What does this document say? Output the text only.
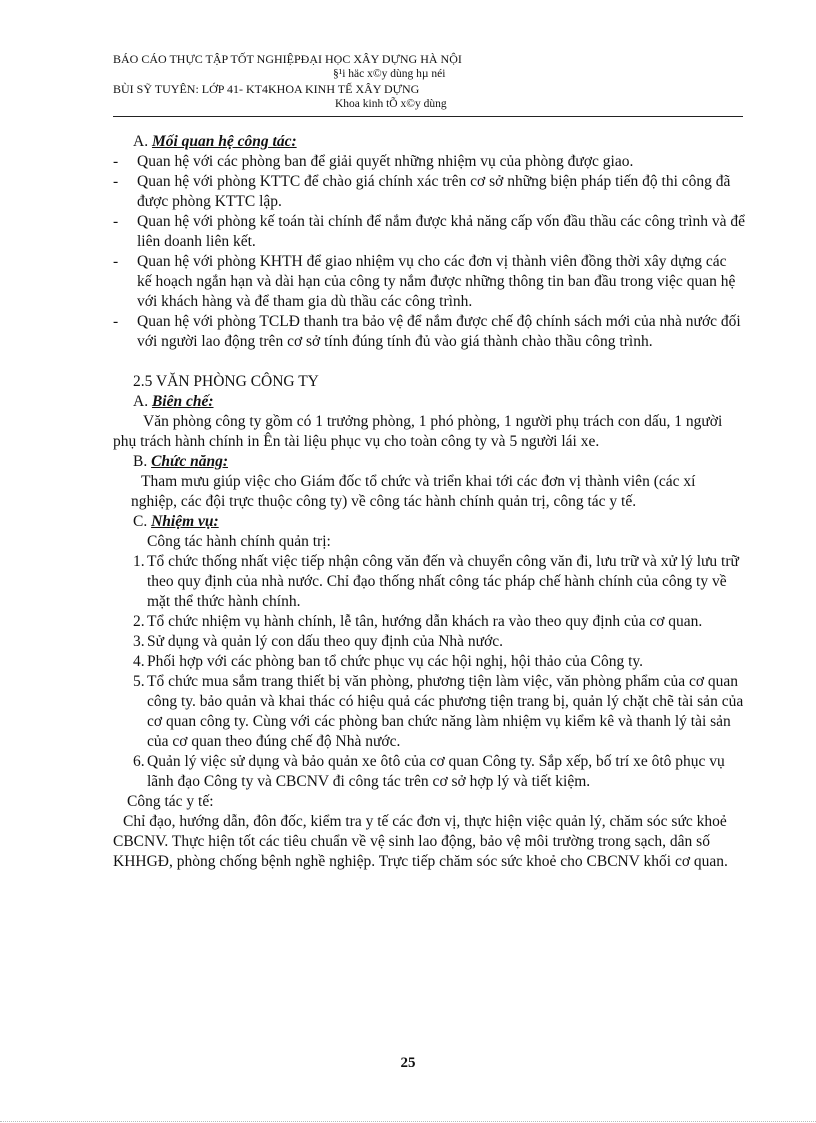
BÁO CÁO THỰC TẬP TỐT NGHIỆPĐẠI HỌC XÂY DỰNG HÀ NỘI
§¹i häc x©y dùng hµ néi
BÙI SỸ TUYÊN: LỚP 41- KT4KHOA KINH TẾ XÂY DỰNG
Khoa kinh tÕ x©y dùng

A. Mối quan hệ công tác:

- Quan hệ với các phòng ban để giải quyết những nhiệm vụ của phòng được giao.
- Quan hệ với phòng KTTC để chào giá chính xác trên cơ sở những biện pháp tiến độ thi công đã được phòng KTTC lập.
- Quan hệ với phòng kế toán tài chính để nắm được khả năng cấp vốn đầu thầu các công trình và để liên doanh liên kết.
- Quan hệ với phòng KHTH để giao nhiệm vụ cho các đơn vị thành viên đồng thời xây dựng các kế hoạch ngắn hạn và dài hạn của công ty nắm được những thông tin ban đầu trong việc quan hệ với khách hàng và để tham gia dù thầu các công trình.
- Quan hệ với phòng TCLĐ thanh tra bảo vệ để nắm được chế độ chính sách mới của nhà nước đối với người lao động trên cơ sở tính đúng tính đủ vào giá thành chào thầu công trình.

2.5 VĂN PHÒNG CÔNG TY

A. Biên chế:

Văn phòng công ty gồm có 1 trưởng phòng, 1 phó phòng, 1 người phụ trách con dấu, 1 người phụ trách hành chính in Ên tài liệu phục vụ cho toàn công ty và 5 người lái xe.

B. Chức năng:

Tham mưu giúp việc cho Giám đốc tổ chức và triển khai tới các đơn vị thành viên (các xí nghiệp, các đội trực thuộc công ty) về công tác hành chính quản trị, công tác y tế.

C. Nhiệm vụ:

Công tác hành chính quản trị:

1. Tổ chức thống nhất việc tiếp nhận công văn đến và chuyển công văn đi, lưu trữ và xử lý lưu trữ theo quy định của nhà nước. Chỉ đạo thống nhất công tác pháp chế hành chính của công ty về mặt thể thức hành chính.
2. Tổ chức nhiệm vụ hành chính, lễ tân, hướng dẫn khách ra vào theo quy định của cơ quan.
3. Sử dụng và quản lý con dấu theo quy định của Nhà nước.
4. Phối hợp với các phòng ban tổ chức phục vụ các hội nghị, hội thảo của Công ty.
5. Tổ chức mua sắm trang thiết bị văn phòng, phương tiện làm việc, văn phòng phẩm của cơ quan công ty. bảo quản và khai thác có hiệu quả các phương tiện trang bị, quản lý chặt chẽ tài sản của cơ quan công ty. Cùng với các phòng ban chức năng làm nhiệm vụ kiểm kê và thanh lý tài sản của cơ quan theo đúng chế độ Nhà nước.
6. Quản lý việc sử dụng và bảo quản xe ôtô của cơ quan Công ty. Sắp xếp, bố trí xe ôtô phục vụ lãnh đạo Công ty và CBCNV đi công tác trên cơ sở hợp lý và tiết kiệm.

Công tác y tế:

Chỉ đạo, hướng dẫn, đôn đốc, kiểm tra y tế các đơn vị, thực hiện việc quản lý, chăm sóc sức khoẻ CBCNV. Thực hiện tốt các tiêu chuẩn về vệ sinh lao động, bảo vệ môi trường trong sạch, dân số KHHGĐ, phòng chống bệnh nghề nghiệp. Trực tiếp chăm sóc sức khoẻ cho CBCNV khối cơ quan.

25
